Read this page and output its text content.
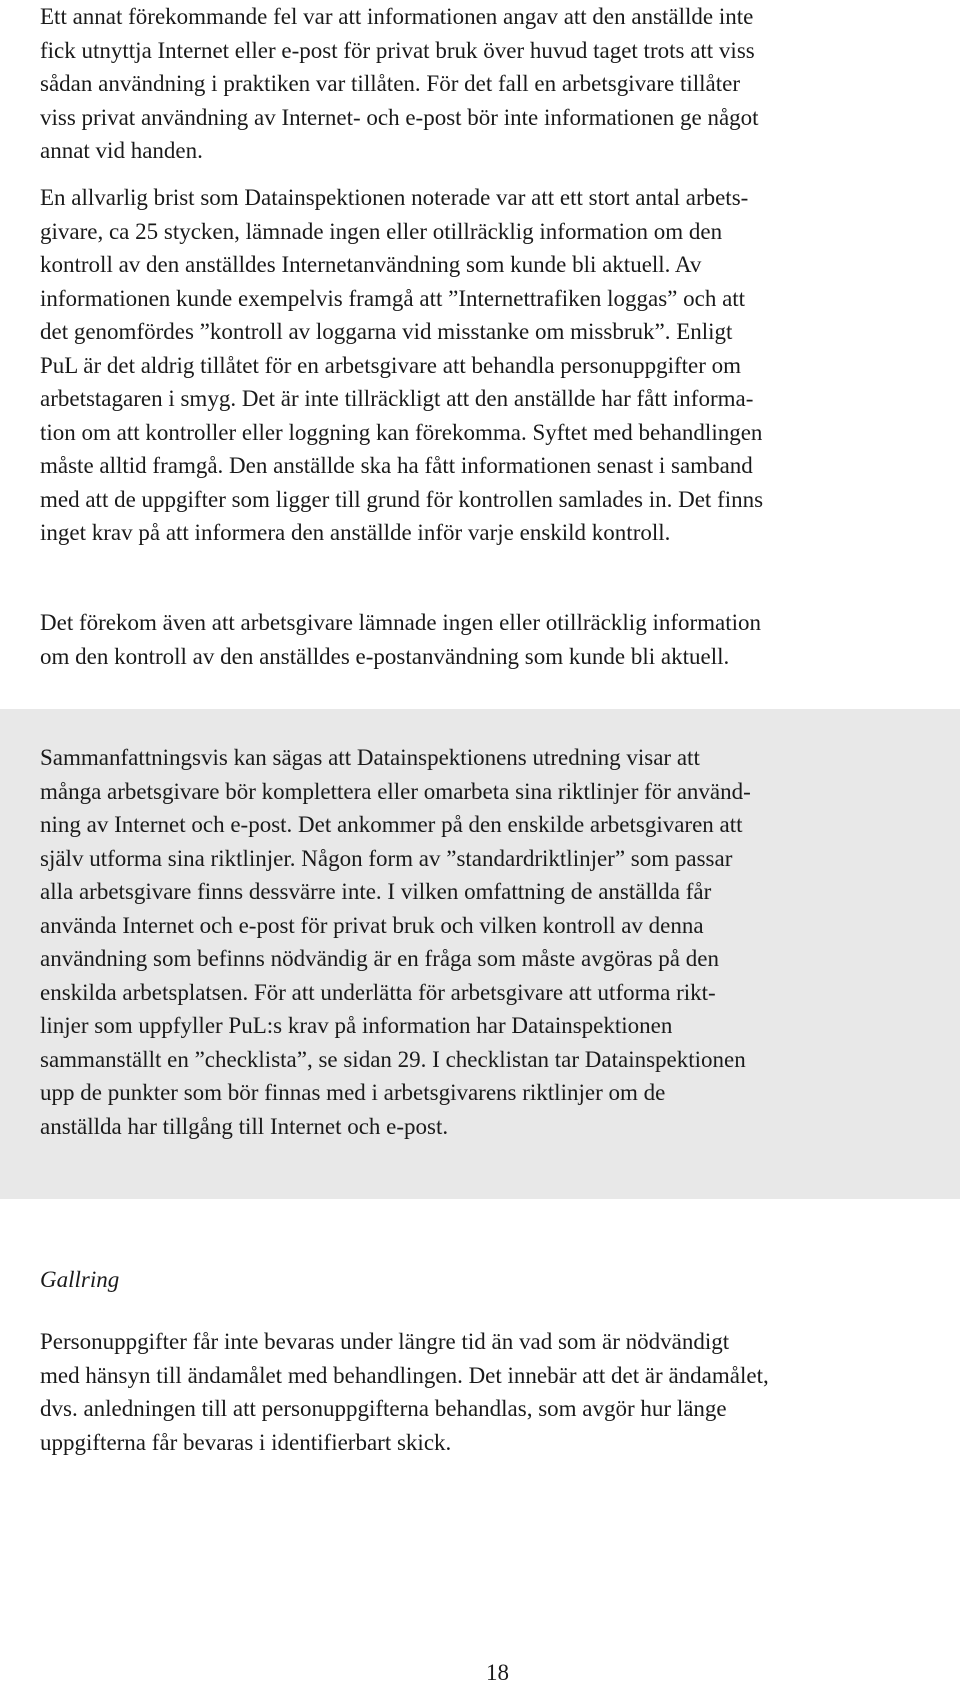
Ett annat förekommande fel var att informationen angav att den anställde inte
fick utnyttja Internet eller e-post för privat bruk över huvud taget trots att viss
sådan användning i praktiken var tillåten. För det fall en arbetsgivare tillåter
viss privat användning av Internet- och e-post bör inte informationen ge något
annat vid handen.

En allvarlig brist som Datainspektionen noterade var att ett stort antal arbets-
givare, ca 25 stycken, lämnade ingen eller otillräcklig information om den
kontroll av den anställdes Internetanvändning som kunde bli aktuell. Av
informationen kunde exempelvis framgå att ”Internettrafiken loggas” och att
det genomfördes ”kontroll av loggarna vid misstanke om missbruk”. Enligt
PuL är det aldrig tillåtet för en arbetsgivare att behandla personuppgifter om
arbetstagaren i smyg. Det är inte tillräckligt att den anställde har fått informa-
tion om att kontroller eller loggning kan förekomma. Syftet med behandlingen
måste alltid framgå. Den anställde ska ha fått informationen senast i samband
med att de uppgifter som ligger till grund för kontrollen samlades in. Det finns
inget krav på att informera den anställde inför varje enskild kontroll.

Det förekom även att arbetsgivare lämnade ingen eller otillräcklig information
om den kontroll av den anställdes e-postanvändning som kunde bli aktuell.

Sammanfattningsvis kan sägas att Datainspektionens utredning visar att
många arbetsgivare bör komplettera eller omarbeta sina riktlinjer för använd-
ning av Internet och e-post. Det ankommer på den enskilde arbetsgivaren att
själv utforma sina riktlinjer. Någon form av ”standardriktlinjer” som passar
alla arbetsgivare finns dessvärre inte. I vilken omfattning de anställda får
använda Internet och e-post för privat bruk och vilken kontroll av denna
användning som befinns nödvändig är en fråga som måste avgöras på den
enskilda arbetsplatsen. För att underlätta för arbetsgivare att utforma rikt-
linjer som uppfyller PuL:s krav på information har Datainspektionen
sammanställt en ”checklista”, se sidan 29. I checklistan tar Datainspektionen
upp de punkter som bör finnas med i arbetsgivarens riktlinjer om de
anställda har tillgång till Internet och e-post.

Gallring

Personuppgifter får inte bevaras under längre tid än vad som är nödvändigt
med hänsyn till ändamålet med behandlingen. Det innebär att det är ändamålet,
dvs. anledningen till att personuppgifterna behandlas, som avgör hur länge
uppgifterna får bevaras i identifierbart skick.

18
